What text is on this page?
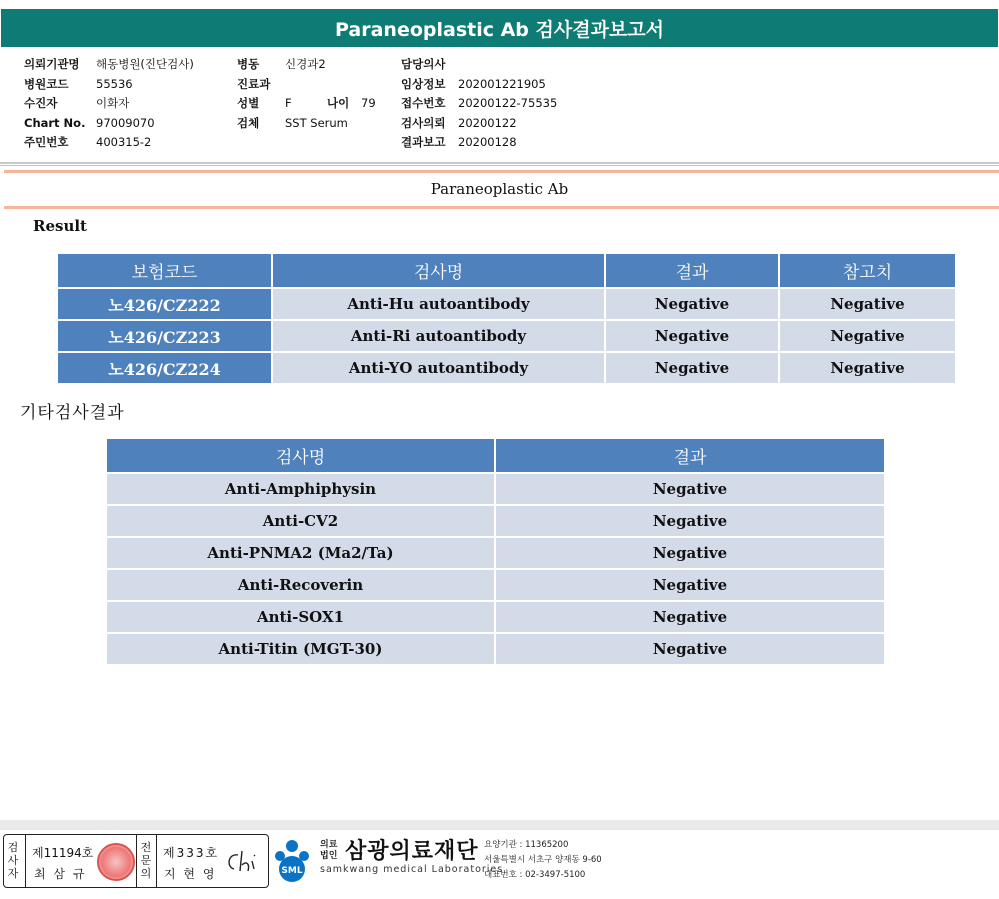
Paraneoplastic Ab 검사결과보고서
의뢰기관명 해동병원(진단검사)
병원코드 55536
수진자	이화자
Chart No. 97009070
주민번호 400315-2
병동 신경과2
진료과
성별 F	나이 79
검체 SST Serum
담당의사
임상정보 202001221905
접수번호 20200122-75535
검사의뢰 20200122
결과보고 20200128
Paraneoplastic Ab
Result
보험코드	검사명	결과	참고치
노426/CZ222	Anti-Hu autoantibody	Negative	Negative
노426/CZ223	Anti-Ri autoantibody	Negative	Negative
노426/CZ224	Anti-YO autoantibody	Negative	Negative
기타검사결과
검사명	결과
Anti-Amphiphysin	Negative
Anti-CV2	Negative
Anti-PNMA2 (Ma2/Ta)	Negative
Anti-Recoverin	Negative
Anti-SOX1	Negative
Anti-Titin (MGT-30)	Negative
검사자
제11194호
최 삼 규
전문의
제333호
지 현 영	SML
의료
법인 삼광의료재단
samkwang medical Laboratories
요양기관 : 11365200
서울특별시 서초구 양재동 9-60
대표번호 : 02-3497-5100
